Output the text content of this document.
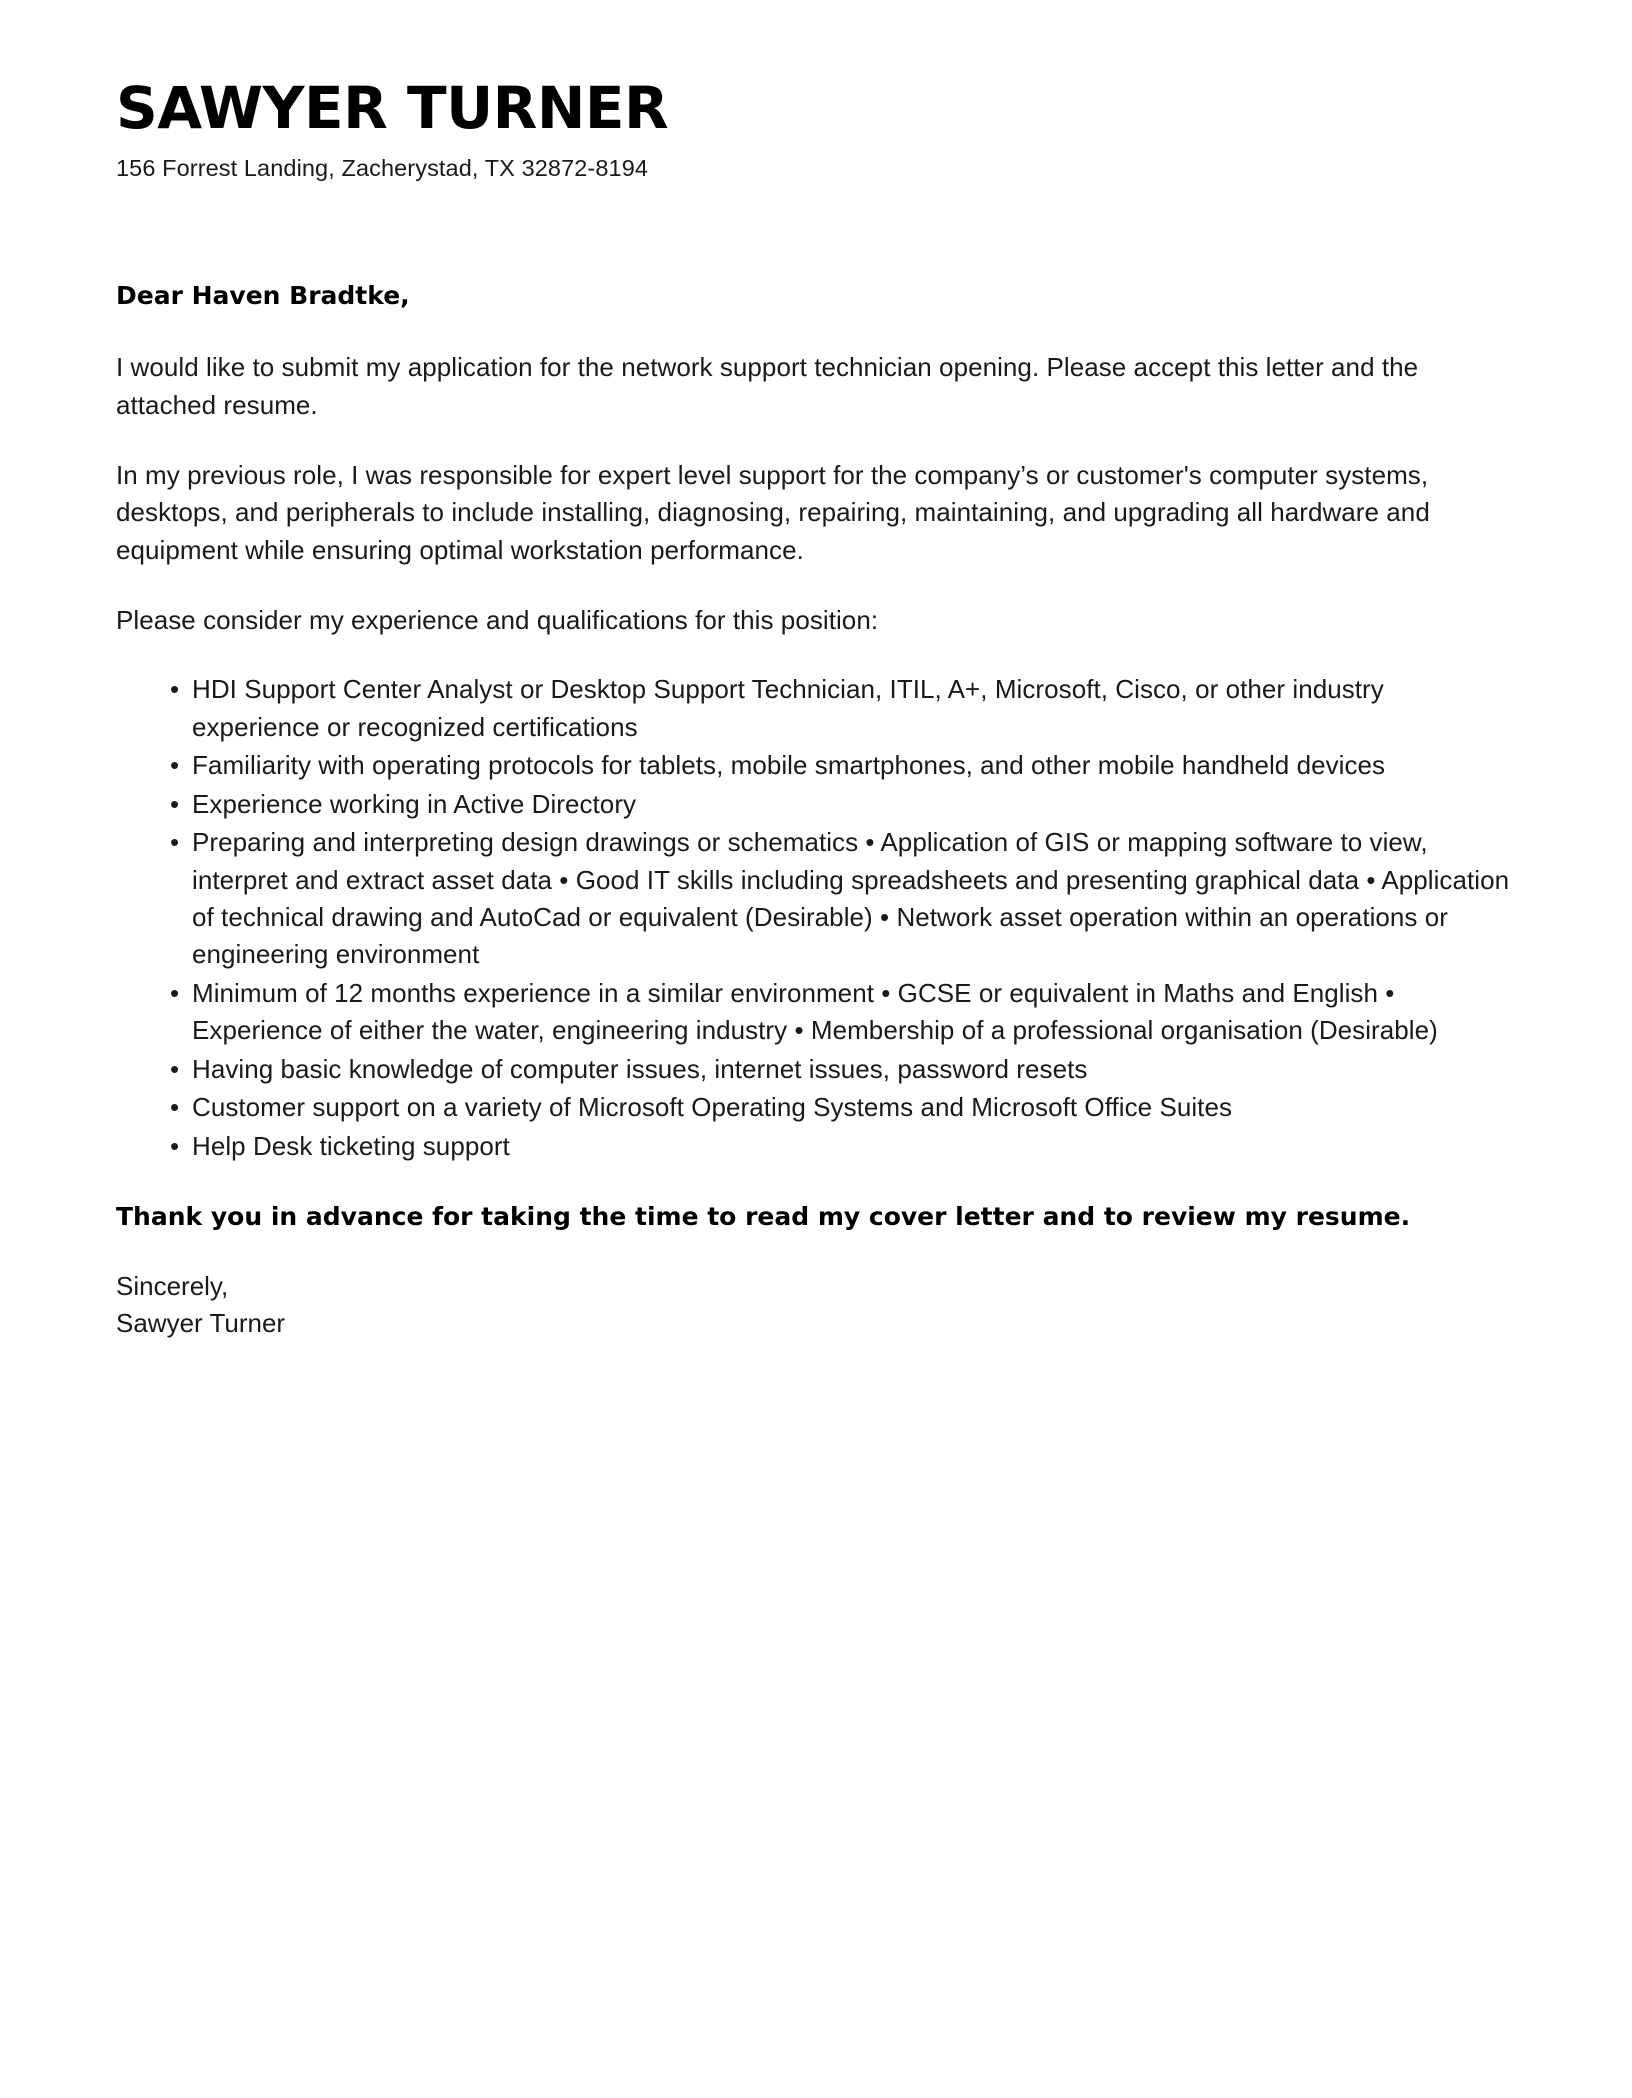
SAWYER TURNER

156 Forrest Landing, Zacherystad, TX 32872-8194

Dear Haven Bradtke,

I would like to submit my application for the network support technician opening. Please accept this letter and the attached resume.

In my previous role, I was responsible for expert level support for the company’s or customer's computer systems, desktops, and peripherals to include installing, diagnosing, repairing, maintaining, and upgrading all hardware and equipment while ensuring optimal workstation performance.

Please consider my experience and qualifications for this position:

• HDI Support Center Analyst or Desktop Support Technician, ITIL, A+, Microsoft, Cisco, or other industry experience or recognized certifications
• Familiarity with operating protocols for tablets, mobile smartphones, and other mobile handheld devices
• Experience working in Active Directory
• Preparing and interpreting design drawings or schematics • Application of GIS or mapping software to view, interpret and extract asset data • Good IT skills including spreadsheets and presenting graphical data • Application of technical drawing and AutoCad or equivalent (Desirable) • Network asset operation within an operations or engineering environment
• Minimum of 12 months experience in a similar environment • GCSE or equivalent in Maths and English • Experience of either the water, engineering industry • Membership of a professional organisation (Desirable)
• Having basic knowledge of computer issues, internet issues, password resets
• Customer support on a variety of Microsoft Operating Systems and Microsoft Office Suites
• Help Desk ticketing support

Thank you in advance for taking the time to read my cover letter and to review my resume.

Sincerely,
Sawyer Turner
